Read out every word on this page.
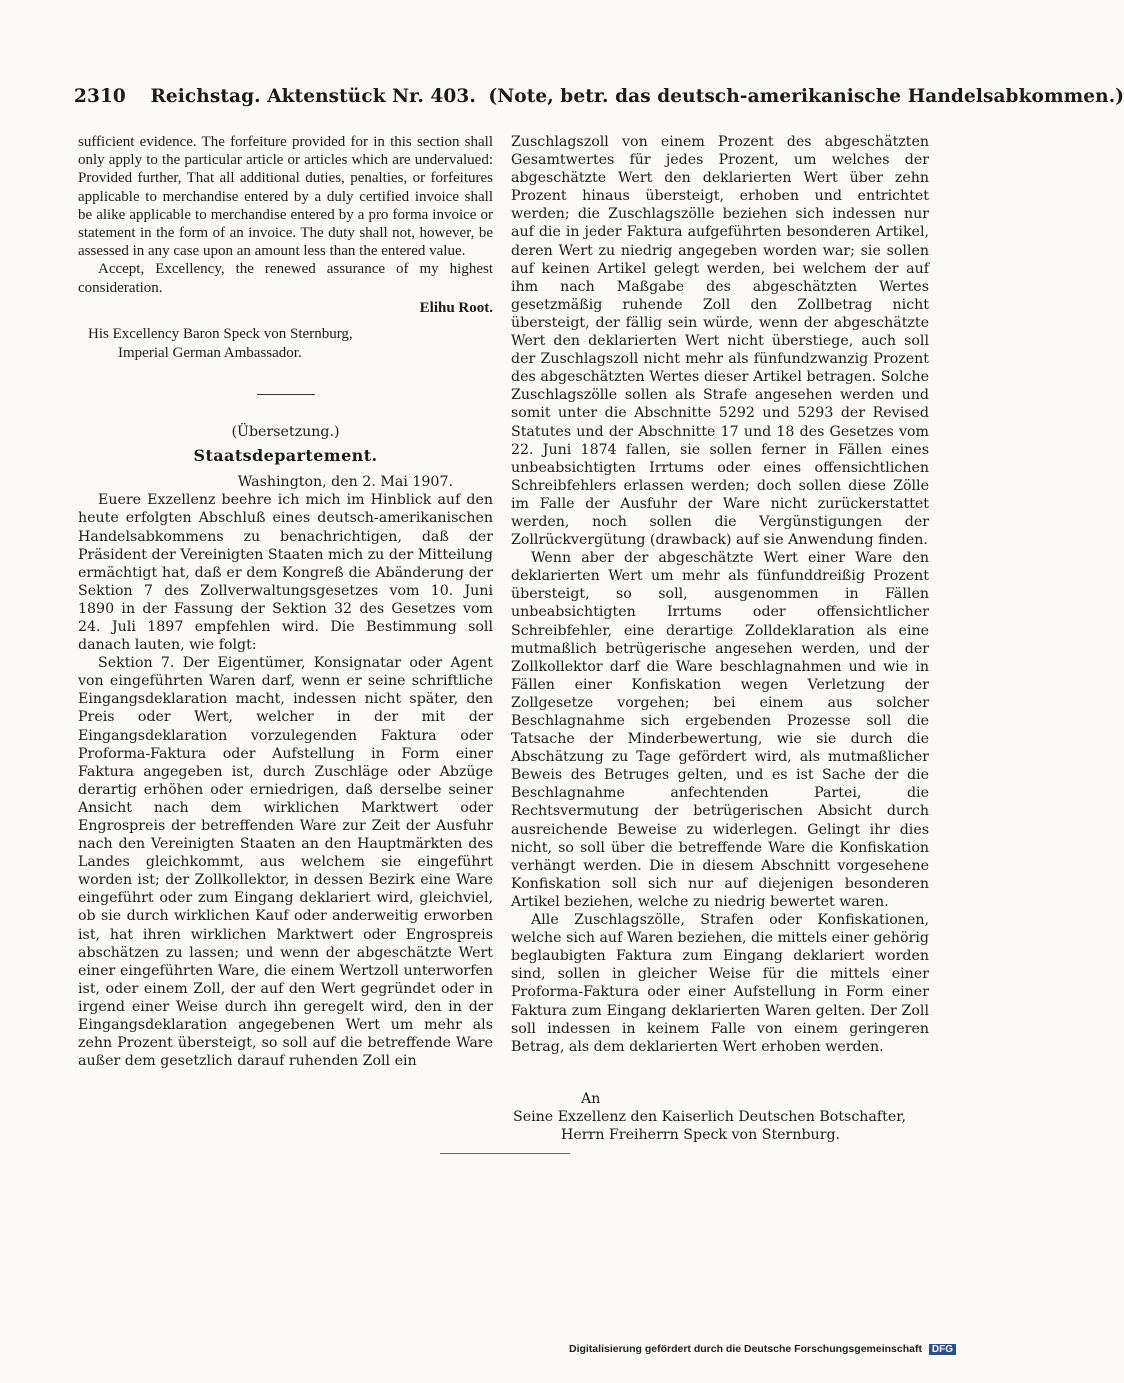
2310 Reichstag. Aktenstück Nr. 403. (Note, betr. das deutsch-amerikanische Handelsabkommen.)

sufficient evidence. The forfeiture provided for in this section shall only apply to the particular article or articles which are undervalued: Provided further, That all additional duties, penalties, or forfeitures applicable to merchandise entered by a duly certified invoice shall be alike applicable to merchandise entered by a pro forma invoice or statement in the form of an invoice. The duty shall not, however, be assessed in any case upon an amount less than the entered value.

Accept, Excellency, the renewed assurance of my highest consideration.

Elihu Root.
His Excellency Baron Speck von Sternburg,
Imperial German Ambassador.
(Übersetzung.)
Staatsdepartement.
Washington, den 2. Mai 1907.

Euere Exzellenz beehre ich mich im Hinblick auf den heute erfolgten Abschluß eines deutsch-amerikanischen Handelsabkommens zu benachrichtigen, daß der Präsident der Vereinigten Staaten mich zu der Mitteilung ermächtigt hat, daß er dem Kongreß die Abänderung der Sektion 7 des Zollverwaltungsgesetzes vom 10. Juni 1890 in der Fassung der Sektion 32 des Gesetzes vom 24. Juli 1897 empfehlen wird. Die Bestimmung soll danach lauten, wie folgt:

Sektion 7. Der Eigentümer, Konsignatar oder Agent von eingeführten Waren darf, wenn er seine schriftliche Eingangsdeklaration macht, indessen nicht später, den Preis oder Wert, welcher in der mit der Eingangsdeklaration vorzulegenden Faktura oder Proforma-Faktura oder Aufstellung in Form einer Faktura angegeben ist, durch Zuschläge oder Abzüge derartig erhöhen oder erniedrigen, daß derselbe seiner Ansicht nach dem wirklichen Marktwert oder Engrospreis der betreffenden Ware zur Zeit der Ausfuhr nach den Vereinigten Staaten an den Hauptmärkten des Landes gleichkommt, aus welchem sie eingeführt worden ist; der Zollkollektor, in dessen Bezirk eine Ware eingeführt oder zum Eingang deklariert wird, gleichviel, ob sie durch wirklichen Kauf oder anderweitig erworben ist, hat ihren wirklichen Marktwert oder Engrospreis abschätzen zu lassen; und wenn der abgeschätzte Wert einer eingeführten Ware, die einem Wertzoll unterworfen ist, oder einem Zoll, der auf den Wert gegründet oder in irgend einer Weise durch ihn geregelt wird, den in der Eingangsdeklaration angegebenen Wert um mehr als zehn Prozent übersteigt, so soll auf die betreffende Ware außer dem gesetzlich darauf ruhenden Zoll ein

Zuschlagszoll von einem Prozent des abgeschätzten Gesamtwertes für jedes Prozent, um welches der abgeschätzte Wert den deklarierten Wert über zehn Prozent hinaus übersteigt, erhoben und entrichtet werden; die Zuschlagszölle beziehen sich indessen nur auf die in jeder Faktura aufgeführten besonderen Artikel, deren Wert zu niedrig angegeben worden war; sie sollen auf keinen Artikel gelegt werden, bei welchem der auf ihm nach Maßgabe des abgeschätzten Wertes gesetzmäßig ruhende Zoll den Zollbetrag nicht übersteigt, der fällig sein würde, wenn der abgeschätzte Wert den deklarierten Wert nicht überstiege, auch soll der Zuschlagszoll nicht mehr als fünfundzwanzig Prozent des abgeschätzten Wertes dieser Artikel betragen. Solche Zuschlagszölle sollen als Strafe angesehen werden und somit unter die Abschnitte 5292 und 5293 der Revised Statutes und der Abschnitte 17 und 18 des Gesetzes vom 22. Juni 1874 fallen, sie sollen ferner in Fällen eines unbeabsichtigten Irrtums oder eines offensichtlichen Schreibfehlers erlassen werden; doch sollen diese Zölle im Falle der Ausfuhr der Ware nicht zurückerstattet werden, noch sollen die Vergünstigungen der Zollrückvergütung (drawback) auf sie Anwendung finden.

Wenn aber der abgeschätzte Wert einer Ware den deklarierten Wert um mehr als fünfunddreißig Prozent übersteigt, so soll, ausgenommen in Fällen unbeabsichtigten Irrtums oder offensichtlicher Schreibfehler, eine derartige Zolldeklaration als eine mutmaßlich betrügerische angesehen werden, und der Zollkollektor darf die Ware beschlagnahmen und wie in Fällen einer Konfiskation wegen Verletzung der Zollgesetze vorgehen; bei einem aus solcher Beschlagnahme sich ergebenden Prozesse soll die Tatsache der Minderbewertung, wie sie durch die Abschätzung zu Tage gefördert wird, als mutmaßlicher Beweis des Betruges gelten, und es ist Sache der die Beschlagnahme anfechtenden Partei, die Rechtsvermutung der betrügerischen Absicht durch ausreichende Beweise zu widerlegen. Gelingt ihr dies nicht, so soll über die betreffende Ware die Konfiskation verhängt werden. Die in diesem Abschnitt vorgesehene Konfiskation soll sich nur auf diejenigen besonderen Artikel beziehen, welche zu niedrig bewertet waren.

Alle Zuschlagszölle, Strafen oder Konfiskationen, welche sich auf Waren beziehen, die mittels einer gehörig beglaubigten Faktura zum Eingang deklariert worden sind, sollen in gleicher Weise für die mittels einer Proforma-Faktura oder einer Aufstellung in Form einer Faktura zum Eingang deklarierten Waren gelten. Der Zoll soll indessen in keinem Falle von einem geringeren Betrag, als dem deklarierten Wert erhoben werden.

An
Seine Exzellenz den Kaiserlich Deutschen Botschafter,
Herrn Freiherrn Speck von Sternburg.
Digitalisierung gefördert durch die Deutsche Forschungsgemeinschaft DFG
